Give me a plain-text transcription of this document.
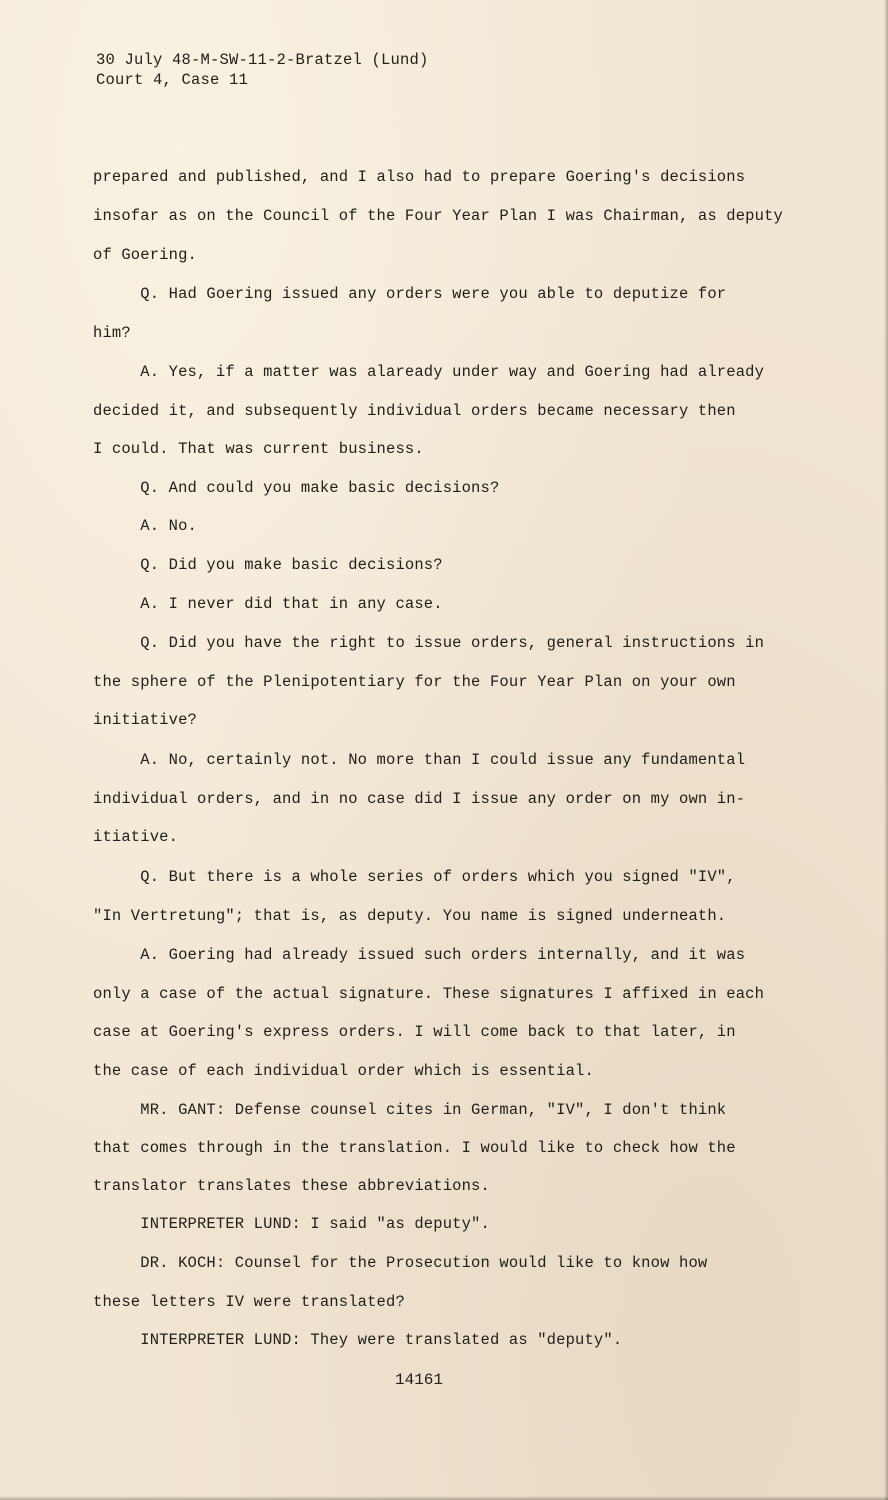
30 July 48-M-SW-11-2-Bratzel (Lund)
Court 4, Case 11
prepared and published, and I also had to prepare Goering's decisions
insofar as on the Council of the Four Year Plan I was Chairman, as deputy
of Goering.
Q. Had Goering issued any orders were you able to deputize for
him?
A. Yes, if a matter was alaready under way and Goering had already
decided it, and subsequently individual orders became necessary then
I could. That was current business.
Q. And could you make basic decisions?
A. No.
Q. Did you make basic decisions?
A. I never did that in any case.
Q. Did you have the right to issue orders, general instructions in
the sphere of the Plenipotentiary for the Four Year Plan on your own
initiative?
A. No, certainly not. No more than I could issue any fundamental
individual orders, and in no case did I issue any order on my own in-
itiative.
Q. But there is a whole series of orders which you signed "IV",
"In Vertretung"; that is, as deputy. You name is signed underneath.
A. Goering had already issued such orders internally, and it was
only a case of the actual signature. These signatures I affixed in each
case at Goering's express orders. I will come back to that later, in
the case of each individual order which is essential.
MR. GANT: Defense counsel cites in German, "IV", I don't think
that comes through in the translation. I would like to check how the
translator translates these abbreviations.
INTERPRETER LUND: I said "as deputy".
DR. KOCH: Counsel for the Prosecution would like to know how
these letters IV were translated?
INTERPRETER LUND: They were translated as "deputy".
14161
